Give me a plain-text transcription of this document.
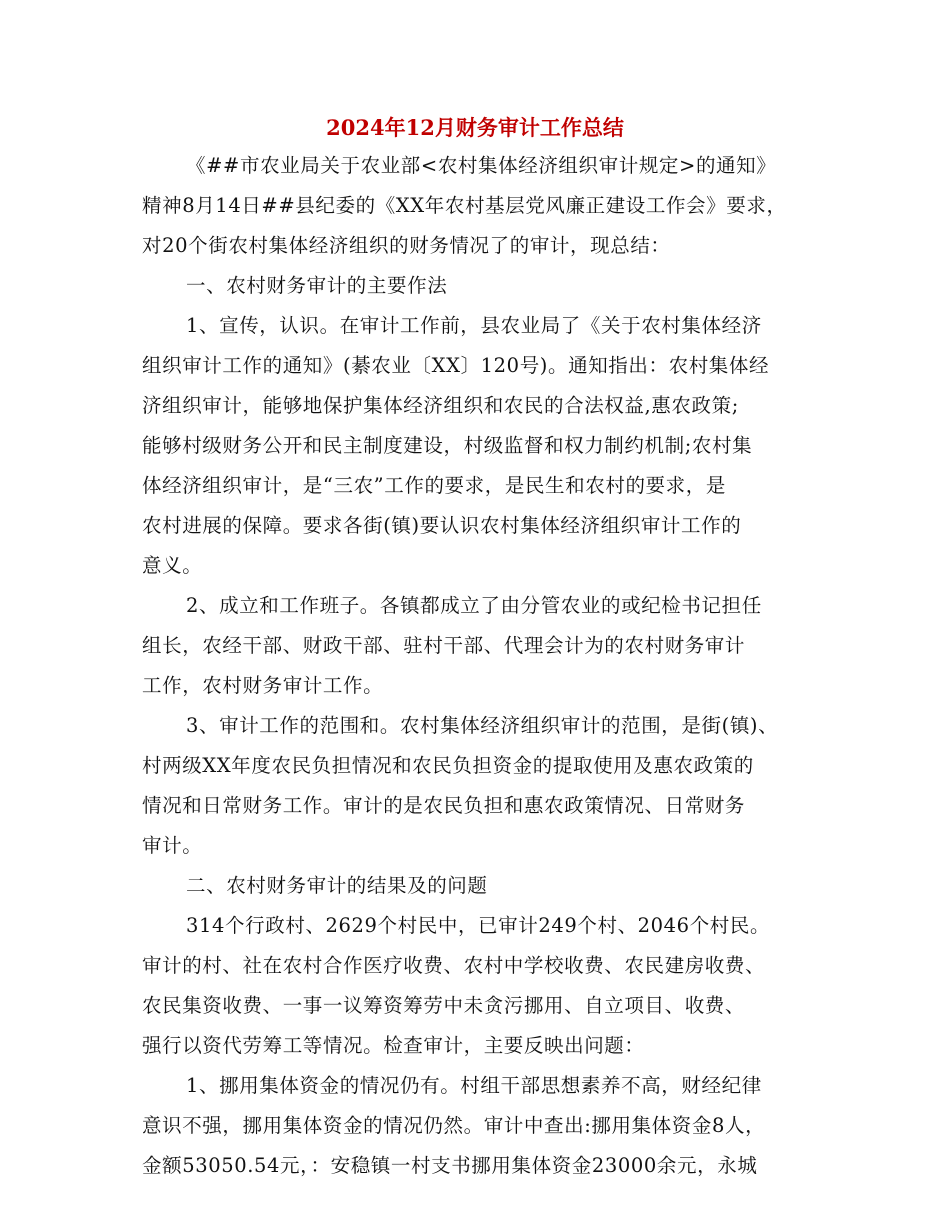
2024年12月财务审计工作总结
《##市农业局关于农业部<农村集体经济组织审计规定>的通知》
精神8月14日##县纪委的《XX年农村基层党风廉正建设工作会》要求，
对20个街农村集体经济组织的财务情况了的审计，现总结：
一、农村财务审计的主要作法
1、宣传，认识。在审计工作前，县农业局了《关于农村集体经济
组织审计工作的通知》(綦农业〔XX〕120号)。通知指出：农村集体经
济组织审计，能够地保护集体经济组织和农民的合法权益,惠农政策;
能够村级财务公开和民主制度建设，村级监督和权力制约机制;农村集
体经济组织审计，是“三农”工作的要求，是民生和农村的要求，是
农村进展的保障。要求各街(镇)要认识农村集体经济组织审计工作的
意义。
2、成立和工作班子。各镇都成立了由分管农业的或纪检书记担任
组长，农经干部、财政干部、驻村干部、代理会计为的农村财务审计
工作，农村财务审计工作。
3、审计工作的范围和。农村集体经济组织审计的范围，是街(镇)、
村两级XX年度农民负担情况和农民负担资金的提取使用及惠农政策的
情况和日常财务工作。审计的是农民负担和惠农政策情况、日常财务
审计。
二、农村财务审计的结果及的问题
314个行政村、2629个村民中，已审计249个村、2046个村民。
审计的村、社在农村合作医疗收费、农村中学校收费、农民建房收费、
农民集资收费、一事一议筹资筹劳中未贪污挪用、自立项目、收费、
强行以资代劳筹工等情况。检查审计，主要反映出问题：
1、挪用集体资金的情况仍有。村组干部思想素养不高，财经纪律
意识不强，挪用集体资金的情况仍然。审计中查出:挪用集体资金8人，
金额53050.54元，：安稳镇一村支书挪用集体资金23000余元，永城
